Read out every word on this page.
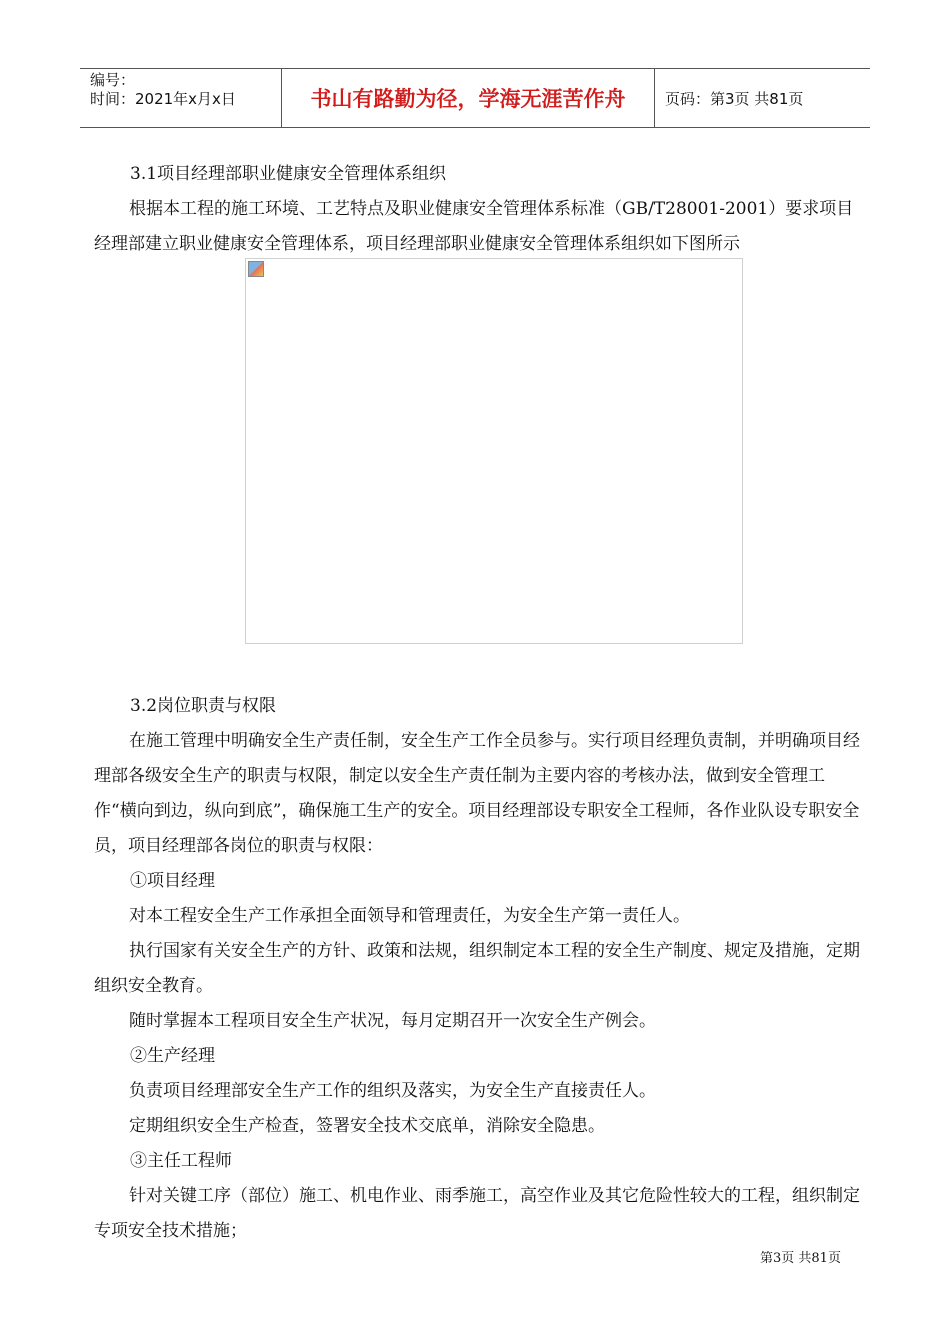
编号：
时间：2021年x月x日	书山有路勤为径，学海无涯苦作舟	页码：第3页 共81页

3.1项目经理部职业健康安全管理体系组织

根据本工程的施工环境、工艺特点及职业健康安全管理体系标准（GB/T28001-2001）要求项目经理部建立职业健康安全管理体系，项目经理部职业健康安全管理体系组织如下图所示

3.2岗位职责与权限

在施工管理中明确安全生产责任制，安全生产工作全员参与。实行项目经理负责制，并明确项目经理部各级安全生产的职责与权限，制定以安全生产责任制为主要内容的考核办法，做到安全管理工作“横向到边，纵向到底”，确保施工生产的安全。项目经理部设专职安全工程师，各作业队设专职安全员，项目经理部各岗位的职责与权限：

①项目经理

对本工程安全生产工作承担全面领导和管理责任，为安全生产第一责任人。

执行国家有关安全生产的方针、政策和法规，组织制定本工程的安全生产制度、规定及措施，定期组织安全教育。

随时掌握本工程项目安全生产状况，每月定期召开一次安全生产例会。

②生产经理

负责项目经理部安全生产工作的组织及落实，为安全生产直接责任人。

定期组织安全生产检查，签署安全技术交底单，消除安全隐患。

③主任工程师

针对关键工序（部位）施工、机电作业、雨季施工，高空作业及其它危险性较大的工程，组织制定专项安全技术措施；

第3页 共81页
